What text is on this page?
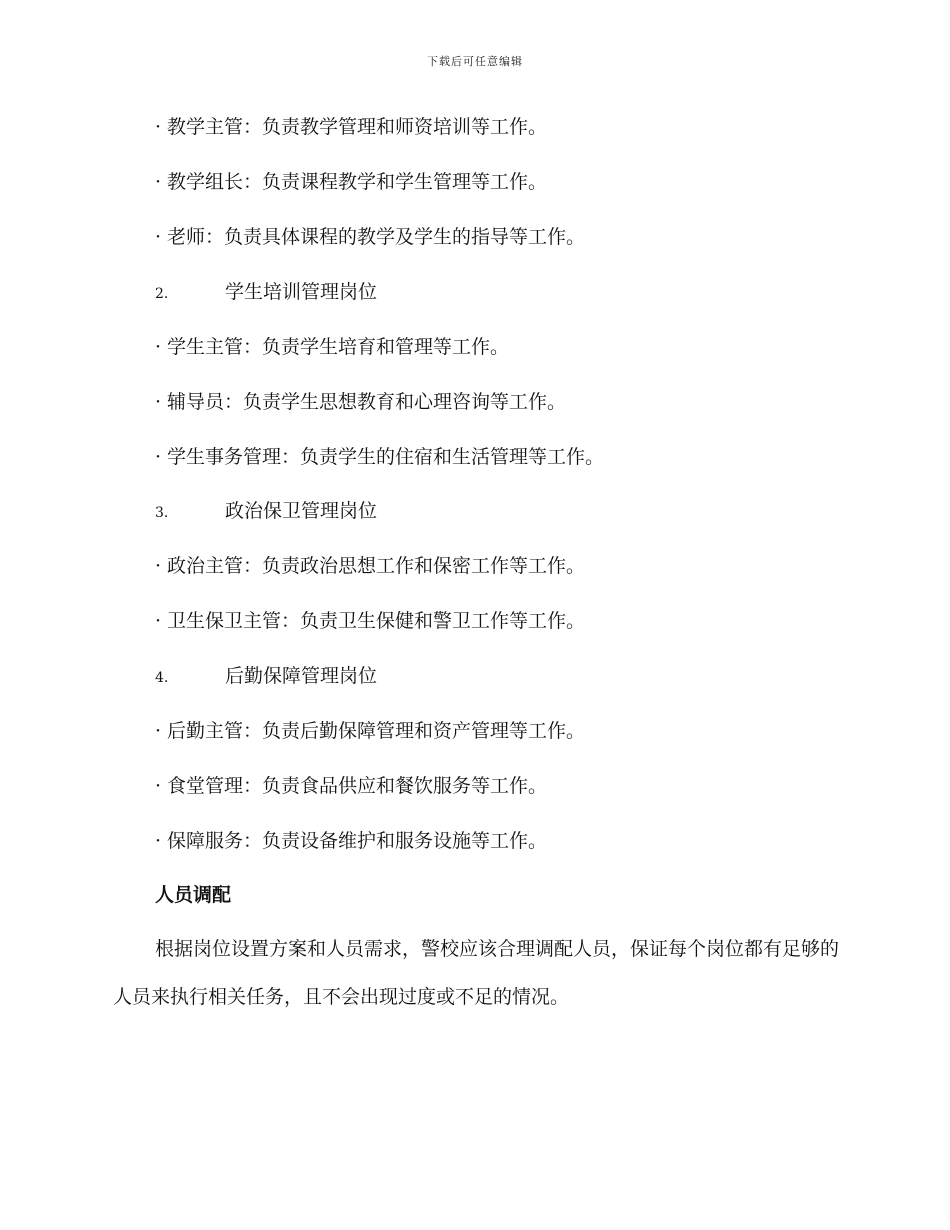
下载后可任意编辑
· 教学主管：负责教学管理和师资培训等工作。
· 教学组长：负责课程教学和学生管理等工作。
· 老师：负责具体课程的教学及学生的指导等工作。
2.	学生培训管理岗位
· 学生主管：负责学生培育和管理等工作。
· 辅导员：负责学生思想教育和心理咨询等工作。
· 学生事务管理：负责学生的住宿和生活管理等工作。
3.	政治保卫管理岗位
· 政治主管：负责政治思想工作和保密工作等工作。
· 卫生保卫主管：负责卫生保健和警卫工作等工作。
4.	后勤保障管理岗位
· 后勤主管：负责后勤保障管理和资产管理等工作。
· 食堂管理：负责食品供应和餐饮服务等工作。
· 保障服务：负责设备维护和服务设施等工作。
人员调配
根据岗位设置方案和人员需求，警校应该合理调配人员，保证每个岗位都有足够的人员来执行相关任务，且不会出现过度或不足的情况。
